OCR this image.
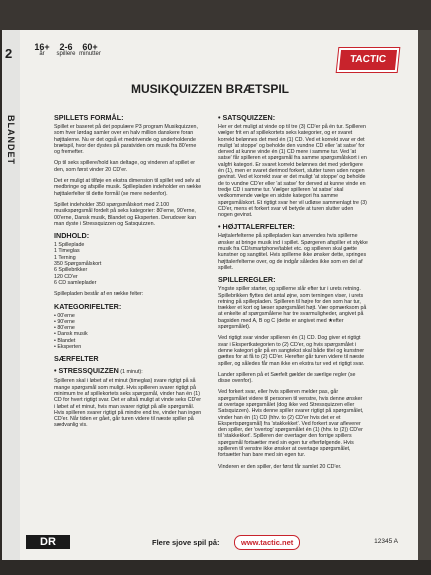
2
BLANDET
16+
år
2-6
spillere
60+
minutter	TACTIC
MUSIKQUIZZEN BRÆTSPIL
SPILLETS FORMÅL:

Spillet er baseret på det populære P3 program Musikquizzen, som hver lørdag samler over en halv million danskere foran højttalerne. Nu er det også et medrivende og underholdende brætspil, hvor der dystes på paratviden om musik fra 80'erne og fremefter.

Op til seks spillere/hold kan deltage, og vinderen af spillet er den, som først vinder 20 CD'er.

Det er muligt at tilføje en ekstra dimension til spillet ved selv at medbringe og afspille musik. Spillepladen indeholder en række højttalerfelter til dette formål (se mere nedenfor).

Spillet indeholder 350 spørgsmålskort med 2.100 musikspørgsmål fordelt på seks kategorier: 80'erne, 90'erne, 00'erne, Dansk musik, Blandet og Eksperten. Derudover kan man dyste i Stressquizzen og Satsquizzen.

INDHOLD:
1 Spilleplade
1 Timeglas
1 Terning
350 Spørgsmålskort
6 Spillebrikker
120 CD'er
6 CD samleplader

Spillepladen består af en række felter:

KATEGORIFELTER:
• 00'erne
• 90'erne
• 80'erne
• Dansk musik
• Blandet
• Eksperten
SÆRFELTER
• STRESSQUIZZEN (1 minut):

Spilleren skal i løbet af et minut (timeglas) svare rigtigt på så mange spørgsmål som muligt. Hvis spilleren svarer rigtigt på minimum tre af spillekortets seks spørgsmål, vinder han én (1) CD for hvert rigtigt svar. Det er altså muligt at vinde seks CD'er i løbet af et minut, hvis man svarer rigtigt på alle spørgsmål. Hvis spilleren svarer rigtigt på mindre end tre, vinder han ingen CD'er. Når tiden er gået, går turen videre til næste spiller på sædvanlig vis.

• SATSQUIZZEN:

Her er det muligt at vinde op til tre (3) CD'er på én tur. Spilleren vælger frit en af spillekortets seks kategorier, og er svaret korrekt belønnes det med én (1) CD. Ved et korrekt svar er det muligt 'at stoppe' og beholde den vundne CD eller 'at satse' for derved at kunne vinde én (1) CD mere i samme tur. Ved 'at satse' får spilleren et spørgsmål fra samme spørgsmålskort i en valgfri kategori. Er svaret korrekt belønnes det med yderligere én (1), men er svaret derimod forkert, slutter turen uden nogen gevinst. Ved et korrekt svar er det muligt 'at stoppe' og beholde de to vundne CD'er eller 'at satse' for derved at kunne vinde en tredje CD i samme tur. Vælger spilleren 'at satse' skal vedkommende vælge en sidste kategori fra samme spørgsmålskort. Et rigtigt svar her vil udløse sammenlagt tre (3) CD'er, mens et forkert svar vil betyde at turen slutter uden nogen gevinst.

• HØJTTALERFELTER:

Højtalerfelterne på spillepladen kan anvendes hvis spillerne ønsker at bringe musik ind i spillet. Spørgeren afspiller et stykke musik fra CD/smartphone/tablet etc. og spilleren skal gætte kunstner og sangtitel. Hvis spillerne ikke ønsker dette, springes højttalerfelterne over, og de indgår således ikke som en del af spillet.

SPILLEREGLER:

Yngste spiller starter, og spillerne slår efter tur i urets retning. Spillebrikken flyttes det antal øjne, som terningen viser, i urets retning på spillepladen. Spilleren til højre for den som har tur, trækker et kort og læser spørgsmålet højt. Vær opmærksom på at enkelte af spørgsmålene har tre svarmuligheder, angivet på bagsiden med A, B og C (dette er angivet med ★efter spørgsmålet).

Ved rigtigt svar vinder spilleren én (1) CD. Dog giver et rigtigt svar i Ekspertkategorien to (2) CD'er, og hvis spørgsmålet i denne kategori går på en sangtekst skal både titel og kunstner gættes for at få to (2) CD'er. Herefter går turen videre til næste spiller, og således får man ikke en ekstra tur ved et rigtigt svar.

Lander spilleren på et Særfelt gælder de særlige regler (se disse ovenfor).

Ved forkert svar, eller hvis spilleren melder pas, går spørgsmålet videre til personen til venstre, hvis denne ønsker at overtage spørgsmålet (dog ikke ved Stressquizzen eller Satsquizzen). Hvis denne spiller svarer rigtigt på spørgsmålet, vinder han én (1) CD (hhv. to (2) CD'er hvis det er et Ekspertspørgsmål) fra 'stakkekket'. Ved forkert svar afleverer den spiller, der 'overtog' spørgsmålet én (1) (hhv. to (2)) CD'er til 'stakkekket'. Spilleren der overtager den forrige spillers spørgsmål fortsætter med sin egen tur efterfølgende. Hvis spilleren til venstre ikke ønsker at overtage spørgsmålet, fortsætter han bare med sin egen tur.

Vinderen er den spiller, der først får samlet 20 CD'er.

DR	Flere sjove spil på:	www.tactic.net	12345 A
